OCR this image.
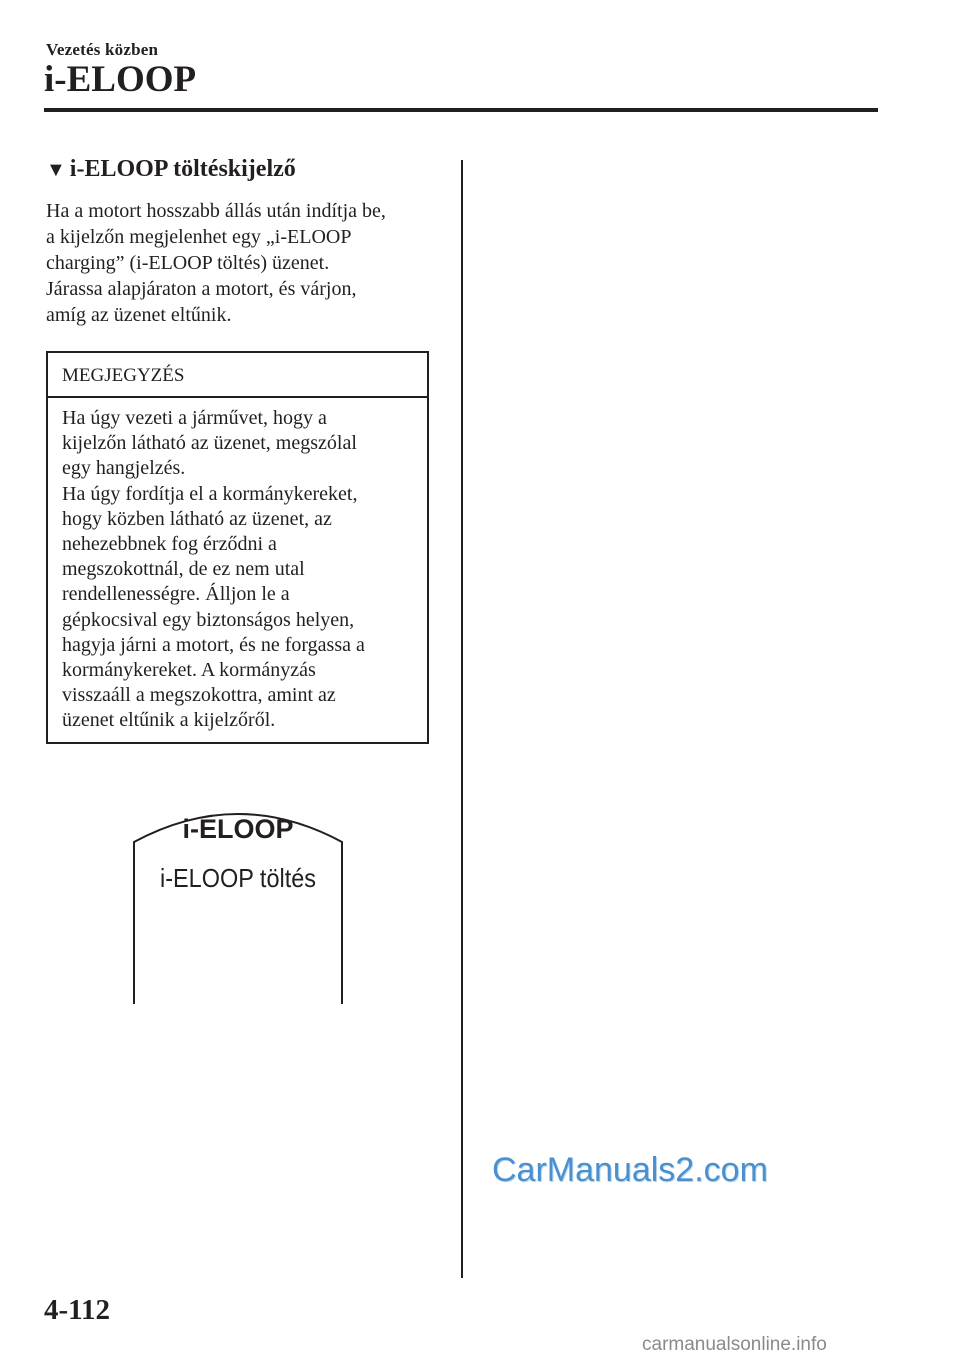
Vezetés közben
i-ELOOP
▼ i-ELOOP töltéskijelző
Ha a motort hosszabb állás után indítja be,
a kijelzőn megjelenhet egy „i-ELOOP
charging” (i-ELOOP töltés) üzenet.
Járassa alapjáraton a motort, és várjon,
amíg az üzenet eltűnik.
MEGJEGYZÉS
Ha úgy vezeti a járművet, hogy a
kijelzőn látható az üzenet, megszólal
egy hangjelzés.
Ha úgy fordítja el a kormánykereket,
hogy közben látható az üzenet, az
nehezebbnek fog érződni a
megszokottnál, de ez nem utal
rendellenességre. Álljon le a
gépkocsival egy biztonságos helyen,
hagyja járni a motort, és ne forgassa a
kormánykereket. A kormányzás
visszaáll a megszokottra, amint az
üzenet eltűnik a kijelzőről.
i-ELOOP
i-ELOOP töltés
CarManuals2.com
4-112
carmanualsonline.info
